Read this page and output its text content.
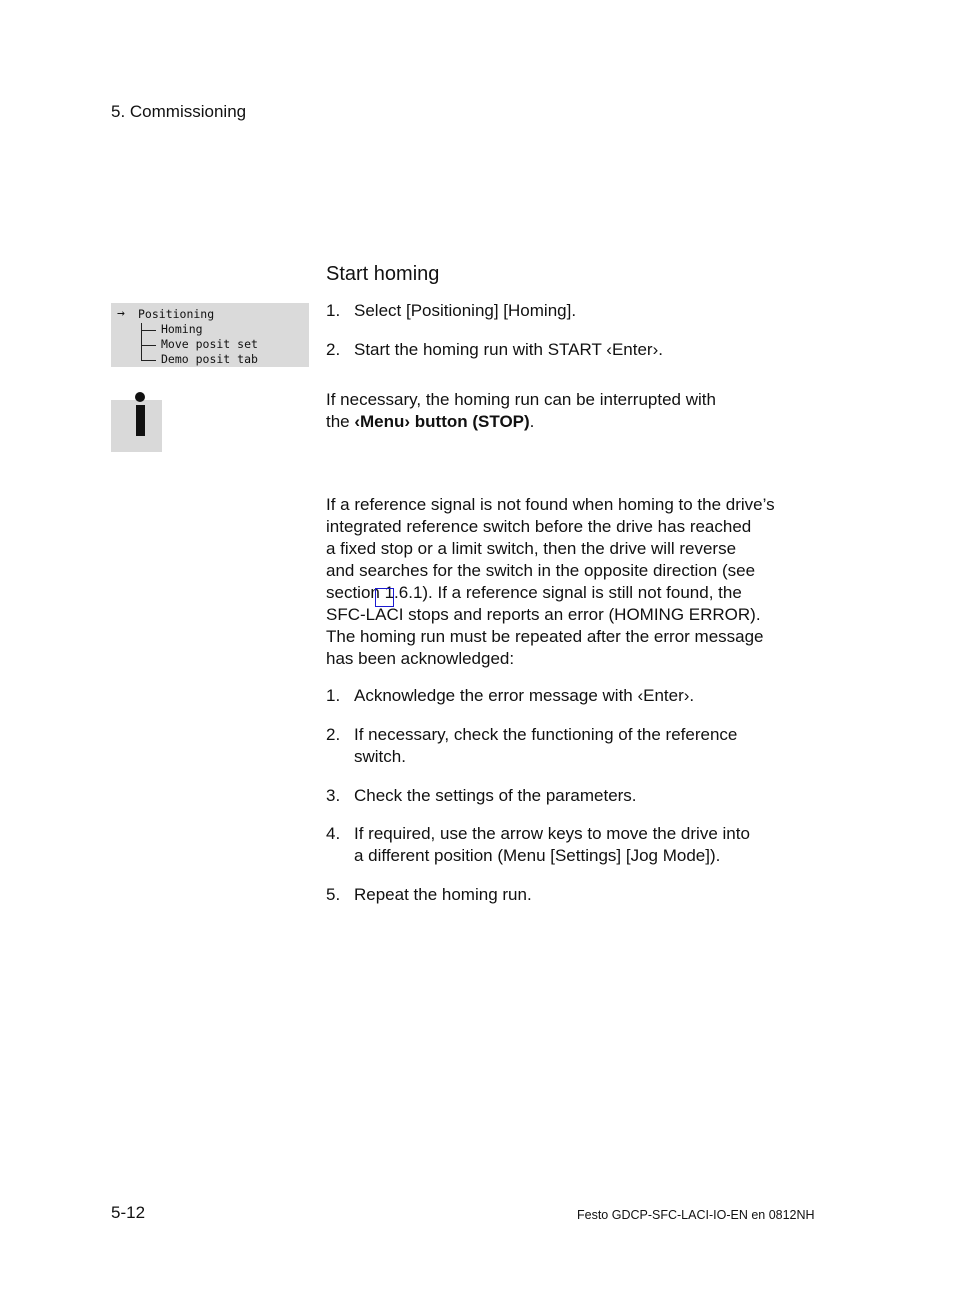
5. Commissioning
Start homing
→ Positioning
Homing
Move posit set
Demo posit tab
1. Select [Positioning] [Homing].
2. Start the homing run with START ‹Enter›.
If necessary, the homing run can be interrupted with
the ‹Menu› button (STOP).
If a reference signal is not found when homing to the drive’s
integrated reference switch before the drive has reached
a fixed stop or a limit switch, then the drive will reverse
and searches for the switch in the opposite direction (see
section 1.6.1). If a reference signal is still not found, the
SFC-LACI stops and reports an error (HOMING ERROR).
The homing run must be repeated after the error message
has been acknowledged:
1. Acknowledge the error message with ‹Enter›.
2. If necessary, check the functioning of the reference
switch.
3. Check the settings of the parameters.
4. If required, use the arrow keys to move the drive into
a different position (Menu [Settings] [Jog Mode]).
5. Repeat the homing run.
5-12	Festo GDCP-SFC-LACI-IO-EN en 0812NH
